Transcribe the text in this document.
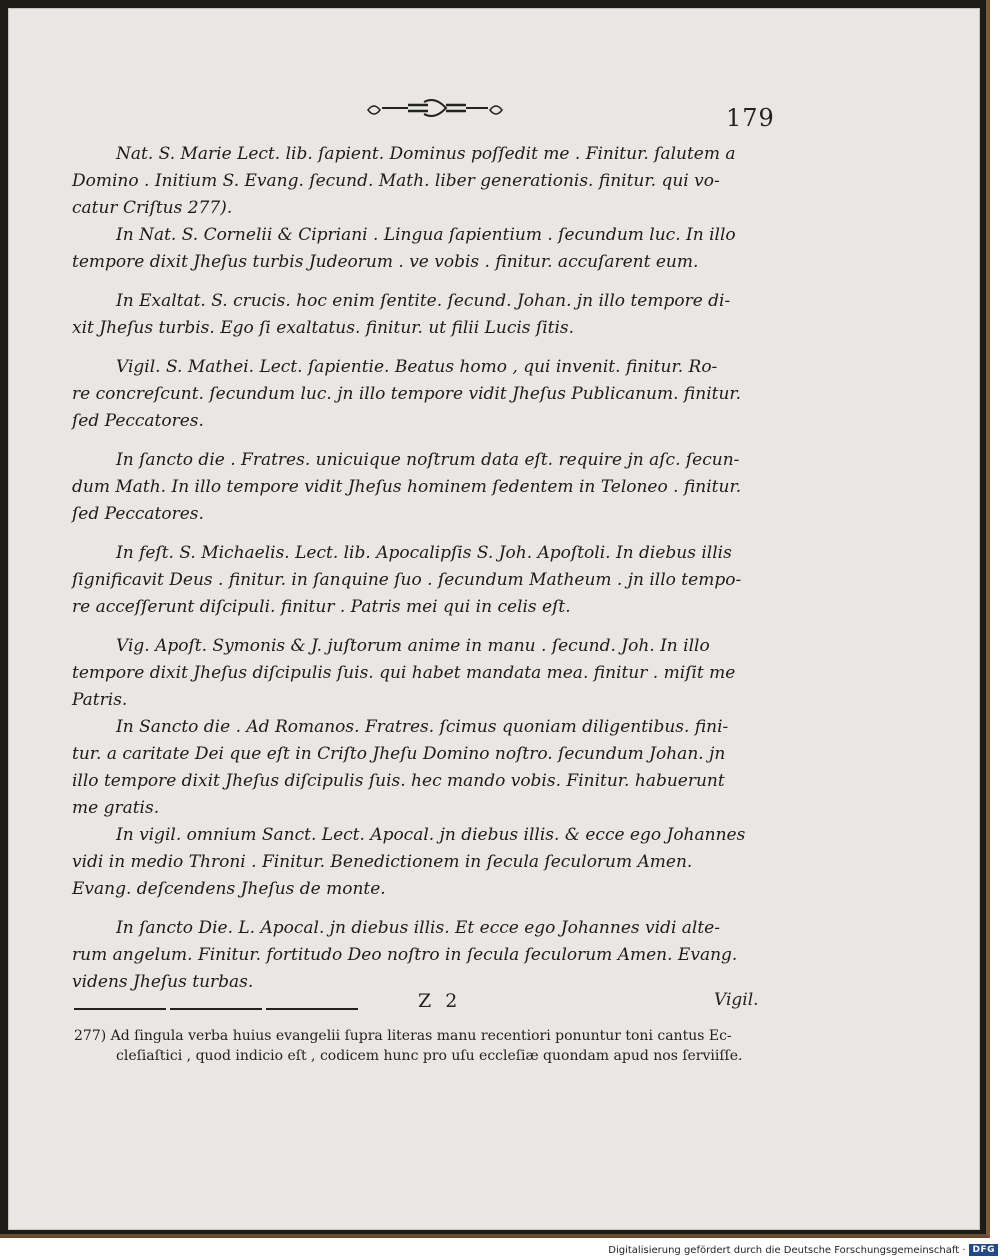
179
Nat. S. Marie Lect. lib. ſapient. Dominus poſſedit me . Finitur. ſalutem a
Domino . Initium S. Evang. ſecund. Math. liber generationis. finitur. qui vo-
catur Criſtus 277).
In Nat. S. Cornelii & Cipriani . Lingua ſapientium . ſecundum luc. In illo
tempore dixit Jheſus turbis Judeorum . ve vobis . finitur. accuſarent eum.
In Exaltat. S. crucis. hoc enim ſentite. ſecund. Johan. jn illo tempore di-
xit Jheſus turbis. Ego ſi exaltatus. finitur. ut filii Lucis ſitis.
Vigil. S. Mathei. Lect. ſapientie. Beatus homo , qui invenit. finitur. Ro-
re concreſcunt. ſecundum luc. jn illo tempore vidit Jheſus Publicanum. finitur.
ſed Peccatores.
In ſancto die . Fratres. unicuique noſtrum data eſt. require jn aſc. ſecun-
dum Math. In illo tempore vidit Jheſus hominem ſedentem in Teloneo . finitur.
ſed Peccatores.
In feſt. S. Michaelis. Lect. lib. Apocalipſis S. Joh. Apoſtoli. In diebus illis
ſignificavit Deus . finitur. in ſanquine ſuo . ſecundum Matheum . jn illo tempo-
re acceſſerunt diſcipuli. finitur . Patris mei qui in celis eſt.
Vig. Apoſt. Symonis & J. juſtorum anime in manu . ſecund. Joh. In illo
tempore dixit Jheſus diſcipulis ſuis. qui habet mandata mea. finitur . miſit me
Patris.
In Sancto die . Ad Romanos. Fratres. ſcimus quoniam diligentibus. fini-
tur. a caritate Dei que eſt in Criſto Jheſu Domino noſtro. ſecundum Johan. jn
illo tempore dixit Jheſus diſcipulis ſuis. hec mando vobis. Finitur. habuerunt
me gratis.
In vigil. omnium Sanct. Lect. Apocal. jn diebus illis. & ecce ego Johannes
vidi in medio Throni . Finitur. Benedictionem in ſecula ſeculorum Amen.
Evang. deſcendens Jheſus de monte.
In ſancto Die. L. Apocal. jn diebus illis. Et ecce ego Johannes vidi alte-
rum angelum. Finitur. fortitudo Deo noſtro in ſecula ſeculorum Amen. Evang.
videns Jheſus turbas.
Z 2	Vigil.
277) Ad ſingula verba huius evangelii ſupra literas manu recentiori ponuntur toni cantus Ec-
cleſiaſtici , quod indicio eſt , codicem hunc pro uſu eccleſiæ quondam apud nos ſerviiſſe.
Digitalisierung gefördert durch die Deutsche Forschungsgemeinschaft · DFG
